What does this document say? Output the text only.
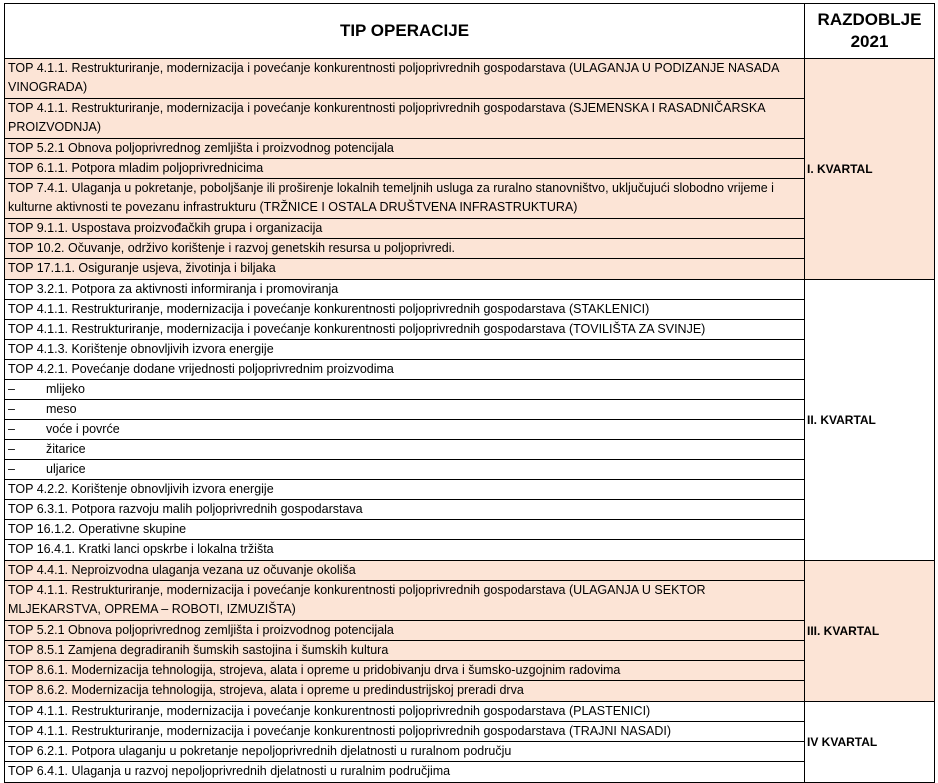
TIP OPERACIJE
RAZDOBLJE
2021
TOP 4.1.1. Restrukturiranje, modernizacija i povećanje konkurentnosti poljoprivrednih gospodarstava (ULAGANJA U PODIZANJE NASADA VINOGRADA)
TOP 4.1.1. Restrukturiranje, modernizacija i povećanje konkurentnosti poljoprivrednih gospodarstava (SJEMENSKA I RASADNIČARSKA PROIZVODNJA)
TOP 5.2.1 Obnova poljoprivrednog zemljišta i proizvodnog potencijala
TOP 6.1.1. Potpora mladim poljoprivrednicima
TOP 7.4.1. Ulaganja u pokretanje, poboljšanje ili proširenje lokalnih temeljnih usluga za ruralno stanovništvo, uključujući slobodno vrijeme i kulturne aktivnosti te povezanu infrastrukturu (TRŽNICE I OSTALA DRUŠTVENA INFRASTRUKTURA)
TOP 9.1.1. Uspostava proizvođačkih grupa i organizacija
TOP 10.2. Očuvanje, održivo korištenje i razvoj genetskih resursa u poljoprivredi.
TOP 17.1.1. Osiguranje usjeva, životinja i biljaka
I. KVARTAL
TOP 3.2.1. Potpora za aktivnosti informiranja i promoviranja
TOP 4.1.1. Restrukturiranje, modernizacija i povećanje konkurentnosti poljoprivrednih gospodarstava (STAKLENICI)
TOP 4.1.1. Restrukturiranje, modernizacija i povećanje konkurentnosti poljoprivrednih gospodarstava (TOVILIŠTA ZA SVINJE)
TOP 4.1.3. Korištenje obnovljivih izvora energije
TOP 4.2.1. Povećanje dodane vrijednosti poljoprivrednim proizvodima
– mlijeko
– meso
– voće i povrće
– žitarice
– uljarice
TOP 4.2.2. Korištenje obnovljivih izvora energije
TOP 6.3.1. Potpora razvoju malih poljoprivrednih gospodarstava
TOP 16.1.2. Operativne skupine
TOP 16.4.1. Kratki lanci opskrbe i lokalna tržišta
II. KVARTAL
TOP 4.4.1. Neproizvodna ulaganja vezana uz očuvanje okoliša
TOP 4.1.1. Restrukturiranje, modernizacija i povećanje konkurentnosti poljoprivrednih gospodarstava (ULAGANJA U SEKTOR MLJEKARSTVA, OPREMA – ROBOTI, IZMUZIŠTA)
TOP 5.2.1 Obnova poljoprivrednog zemljišta i proizvodnog potencijala
TOP 8.5.1 Zamjena degradiranih šumskih sastojina i šumskih kultura
TOP 8.6.1. Modernizacija tehnologija, strojeva, alata i opreme u pridobivanju drva i šumsko-uzgojnim radovima
TOP 8.6.2. Modernizacija tehnologija, strojeva, alata i opreme u predindustrijskoj preradi drva
III. KVARTAL
TOP 4.1.1. Restrukturiranje, modernizacija i povećanje konkurentnosti poljoprivrednih gospodarstava (PLASTENICI)
TOP 4.1.1. Restrukturiranje, modernizacija i povećanje konkurentnosti poljoprivrednih gospodarstava (TRAJNI NASADI)
TOP 6.2.1. Potpora ulaganju u pokretanje nepoljoprivrednih djelatnosti u ruralnom području
TOP 6.4.1. Ulaganja u razvoj nepoljoprivrednih djelatnosti u ruralnim područjima
IV KVARTAL
